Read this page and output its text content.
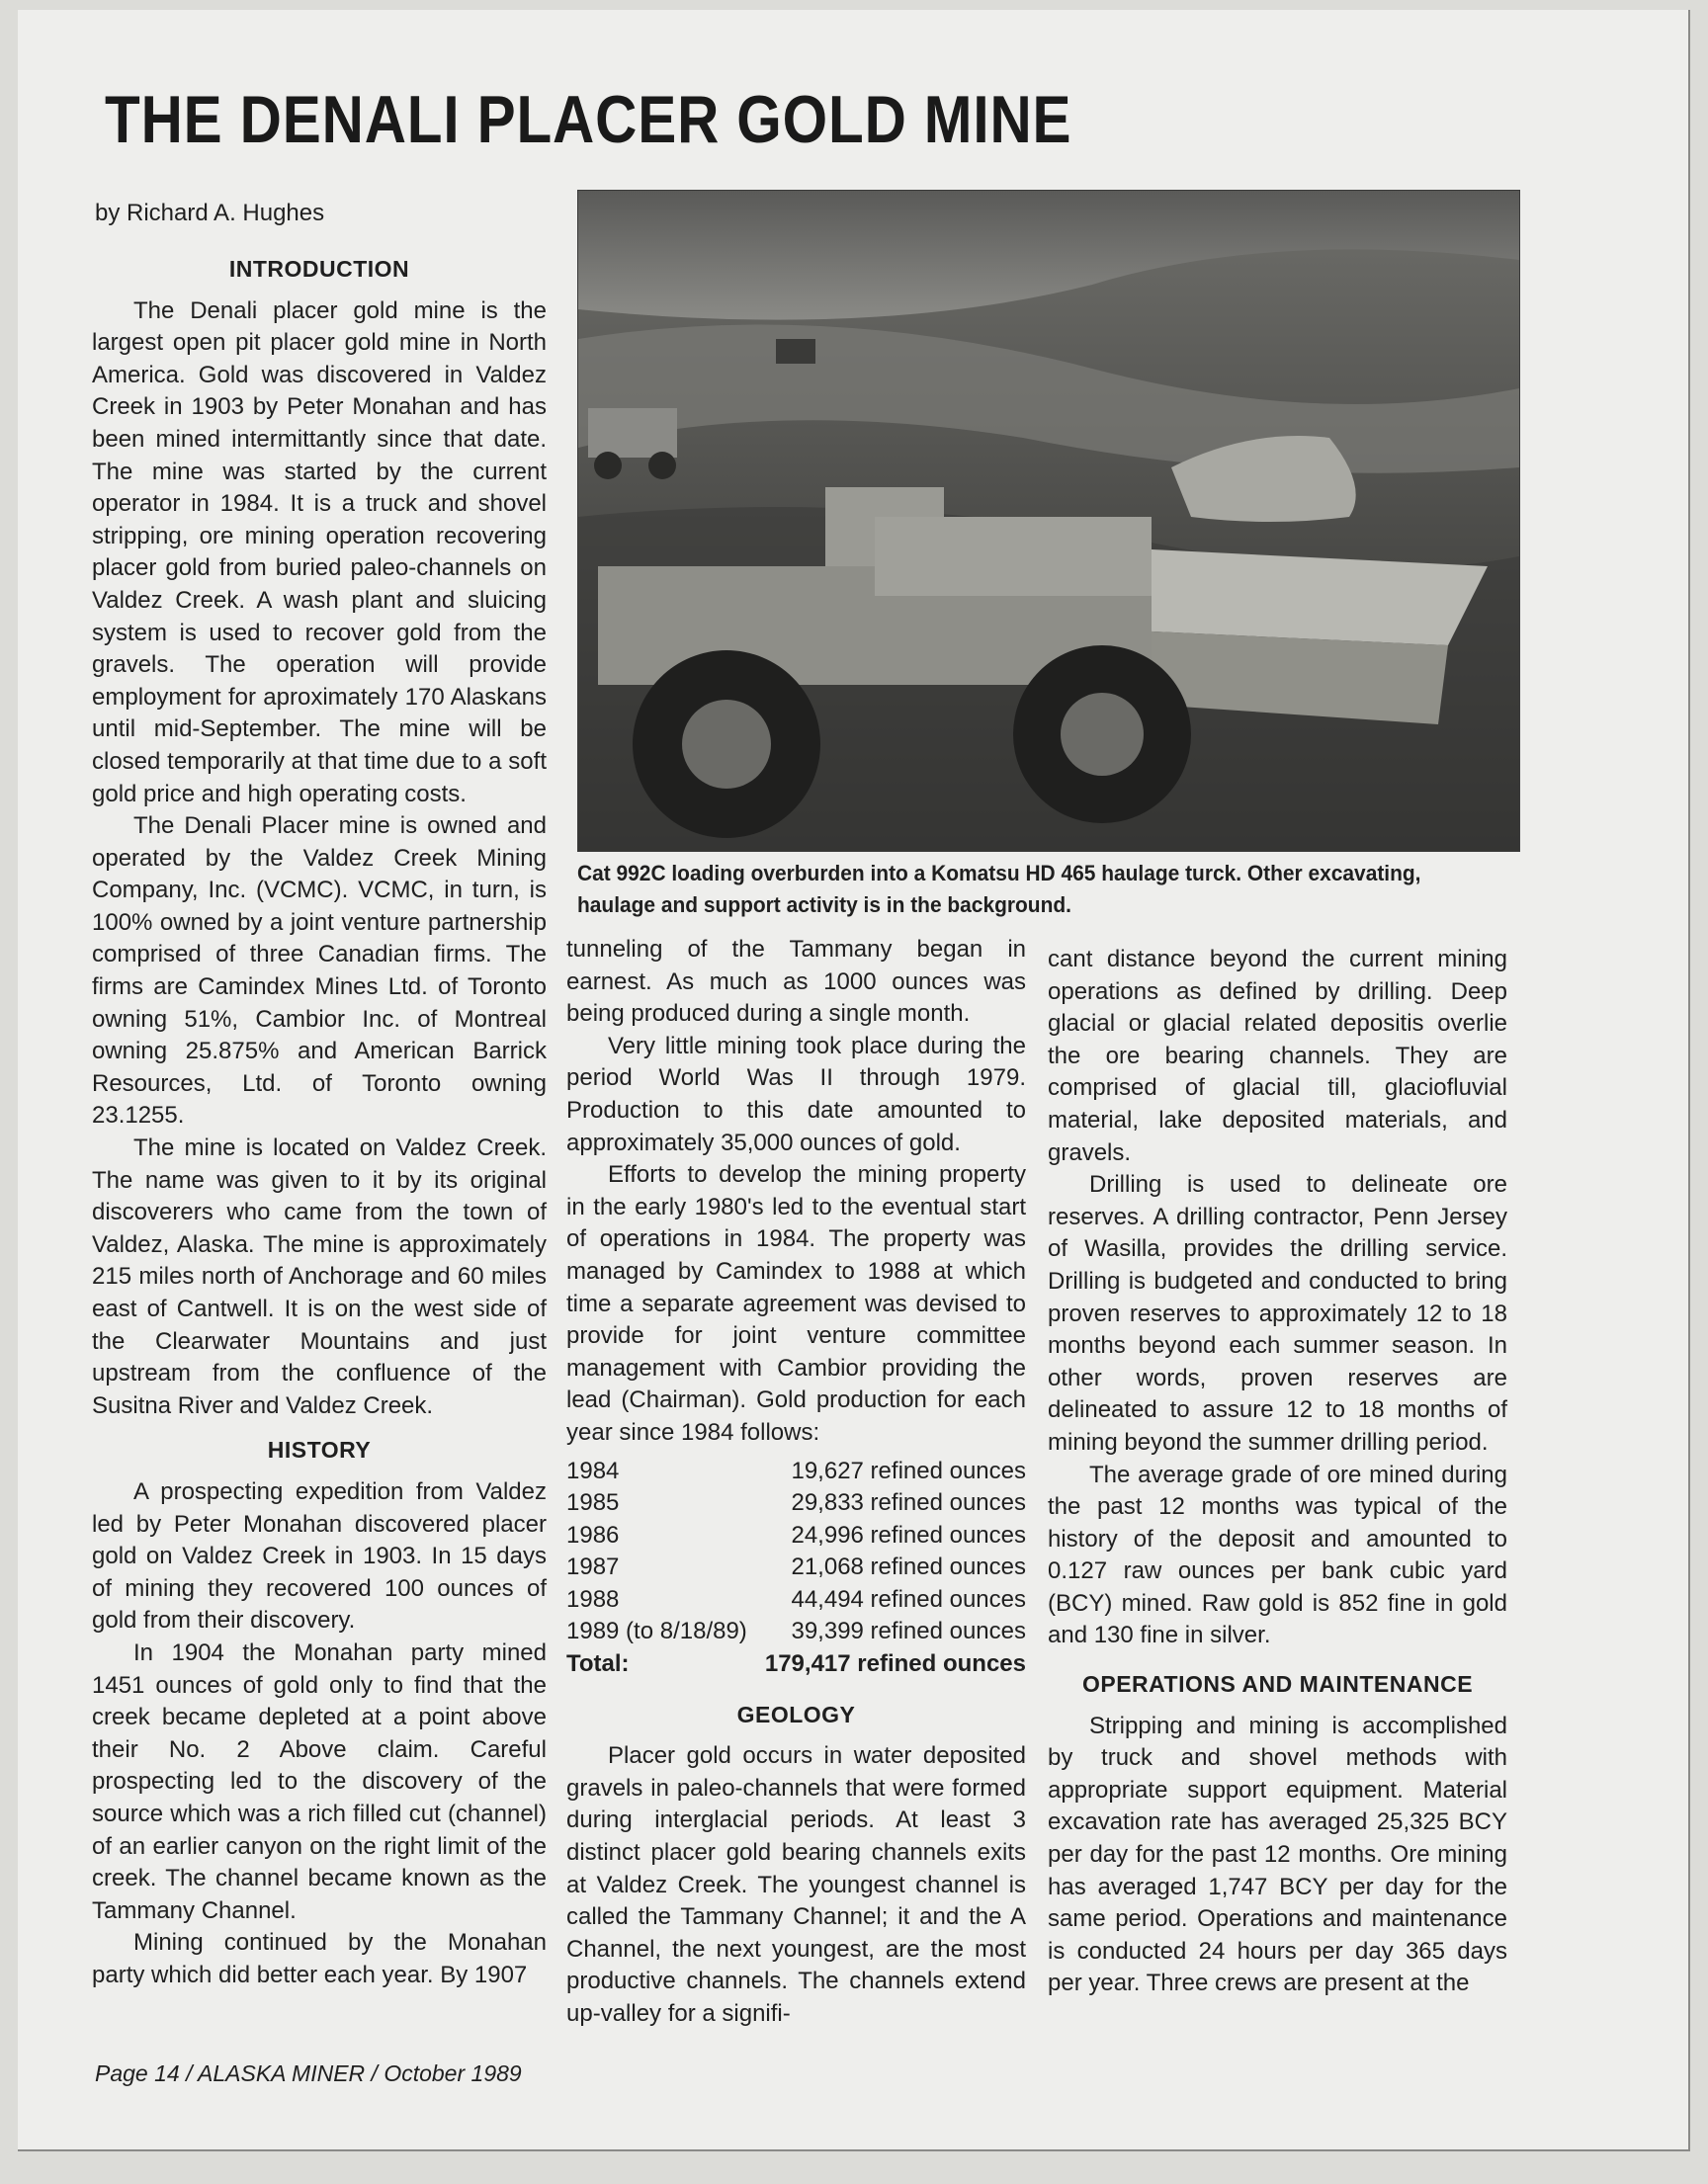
THE DENALI PLACER GOLD MINE
by Richard A. Hughes
INTRODUCTION

The Denali placer gold mine is the largest open pit placer gold mine in North America. Gold was discovered in Valdez Creek in 1903 by Peter Monahan and has been mined intermittantly since that date. The mine was started by the current operator in 1984. It is a truck and shovel stripping, ore mining operation recovering placer gold from buried paleo-channels on Valdez Creek. A wash plant and sluicing system is used to recover gold from the gravels. The operation will provide employment for aproximately 170 Alaskans until mid-September. The mine will be closed temporarily at that time due to a soft gold price and high operating costs.

The Denali Placer mine is owned and operated by the Valdez Creek Mining Company, Inc. (VCMC). VCMC, in turn, is 100% owned by a joint venture partnership comprised of three Canadian firms. The firms are Camindex Mines Ltd. of Toronto owning 51%, Cambior Inc. of Montreal owning 25.875% and American Barrick Resources, Ltd. of Toronto owning 23.1255.

The mine is located on Valdez Creek. The name was given to it by its original discoverers who came from the town of Valdez, Alaska. The mine is approximately 215 miles north of Anchorage and 60 miles east of Cantwell. It is on the west side of the Clearwater Mountains and just upstream from the confluence of the Susitna River and Valdez Creek.

HISTORY

A prospecting expedition from Valdez led by Peter Monahan discovered placer gold on Valdez Creek in 1903. In 15 days of mining they recovered 100 ounces of gold from their discovery.

In 1904 the Monahan party mined 1451 ounces of gold only to find that the creek became depleted at a point above their No. 2 Above claim. Careful prospecting led to the discovery of the source which was a rich filled cut (channel) of an earlier canyon on the right limit of the creek. The channel became known as the Tammany Channel.

Mining continued by the Monahan party which did better each year. By 1907

Cat 992C loading overburden into a Komatsu HD 465 haulage turck. Other excavating,
haulage and support activity is in the background.

tunneling of the Tammany began in earnest. As much as 1000 ounces was being produced during a single month.

Very little mining took place during the period World Was II through 1979. Production to this date amounted to approximately 35,000 ounces of gold.

Efforts to develop the mining property in the early 1980's led to the eventual start of operations in 1984. The property was managed by Camindex to 1988 at which time a separate agreement was devised to provide for joint venture committee management with Cambior providing the lead (Chairman). Gold production for each year since 1984 follows:

1984	19,627 refined ounces
1985	29,833 refined ounces
1986	24,996 refined ounces
1987	21,068 refined ounces
1988	44,494 refined ounces
1989 (to 8/18/89)	39,399 refined ounces
Total:	179,417 refined ounces
GEOLOGY

Placer gold occurs in water deposited gravels in paleo-channels that were formed during interglacial periods. At least 3 distinct placer gold bearing channels exits at Valdez Creek. The youngest channel is called the Tammany Channel; it and the A Channel, the next youngest, are the most productive channels. The channels extend up-valley for a signifi-

cant distance beyond the current mining operations as defined by drilling. Deep glacial or glacial related depositis overlie the ore bearing channels. They are comprised of glacial till, glaciofluvial material, lake deposited materials, and gravels.

Drilling is used to delineate ore reserves. A drilling contractor, Penn Jersey of Wasilla, provides the drilling service. Drilling is budgeted and conducted to bring proven reserves to approximately 12 to 18 months beyond each summer season. In other words, proven reserves are delineated to assure 12 to 18 months of mining beyond the summer drilling period.

The average grade of ore mined during the past 12 months was typical of the history of the deposit and amounted to 0.127 raw ounces per bank cubic yard (BCY) mined. Raw gold is 852 fine in gold and 130 fine in silver.

OPERATIONS AND MAINTENANCE

Stripping and mining is accomplished by truck and shovel methods with appropriate support equipment. Material excavation rate has averaged 25,325 BCY per day for the past 12 months. Ore mining has averaged 1,747 BCY per day for the same period. Operations and maintenance is conducted 24 hours per day 365 days per year. Three crews are present at the

Page 14 / ALASKA MINER / October 1989
